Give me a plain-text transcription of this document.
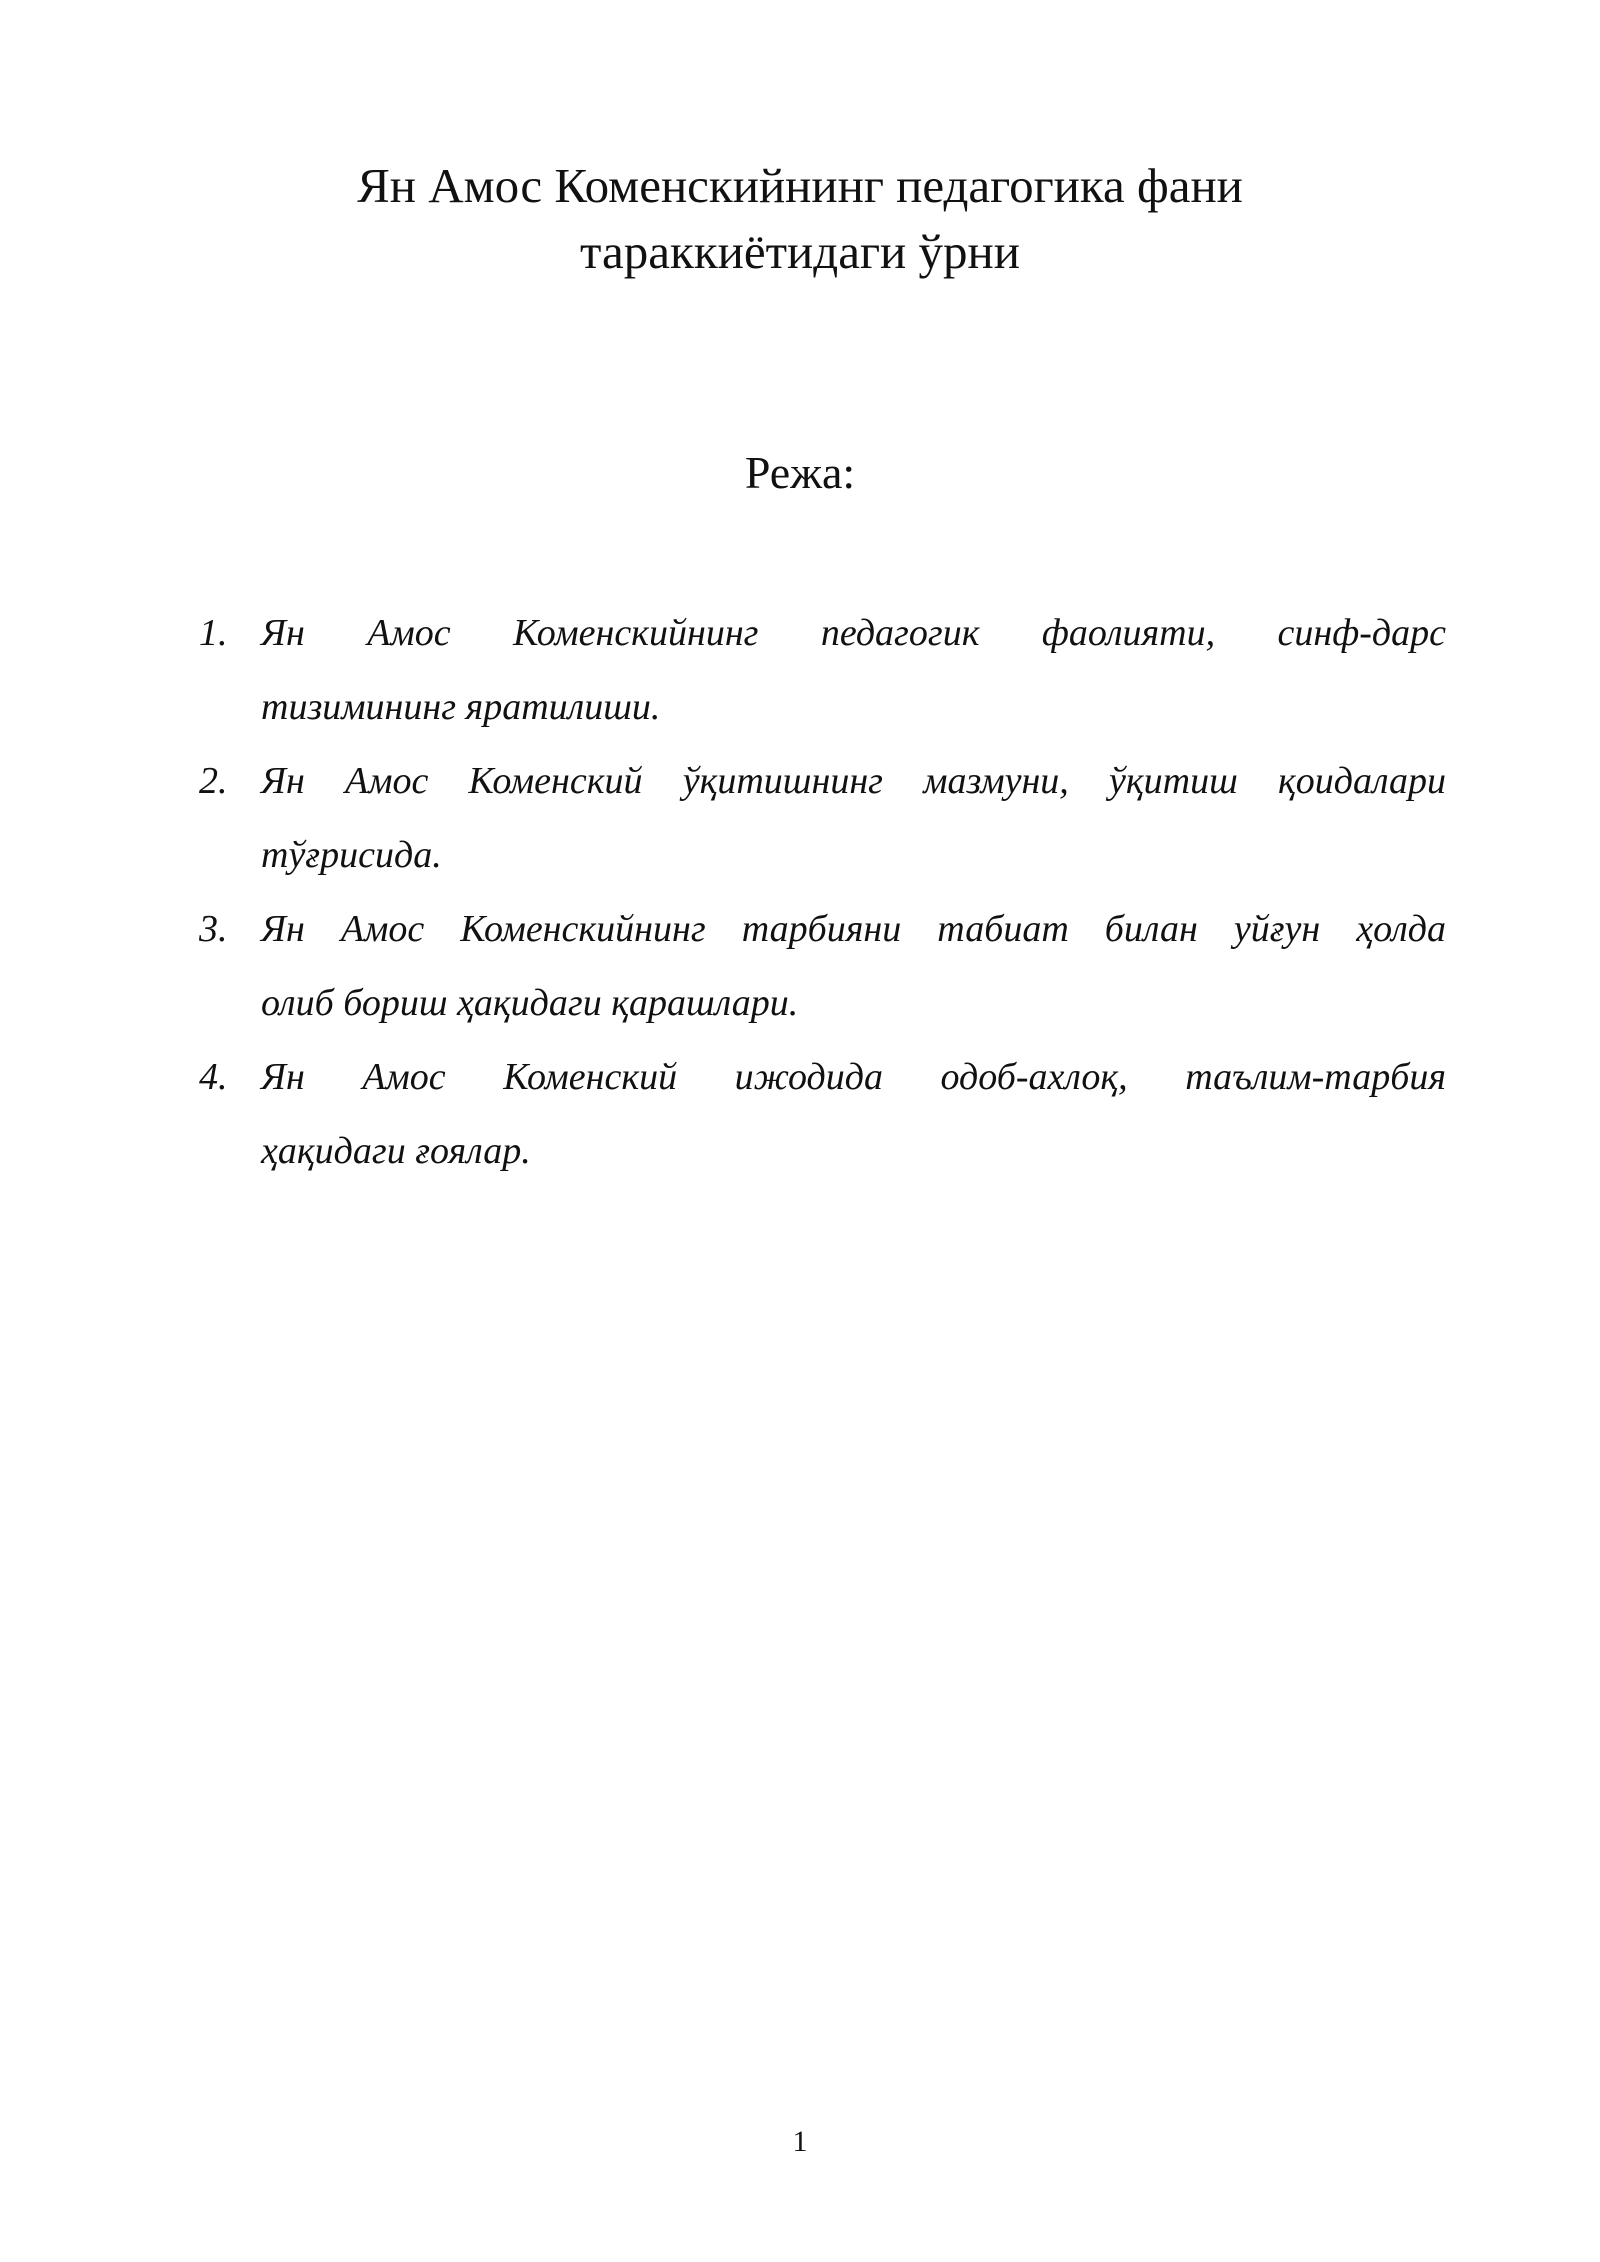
Ян Амос Коменскийнинг педагогика фани
тараккиётидаги ўрни
Режа:
1. Ян Амос Коменскийнинг педагогик фаолияти, синф-дарс
тизимининг яратилиши.
2. Ян Амос Коменский ўқитишнинг мазмуни, ўқитиш қоидалари
тўғрисида.
3. Ян Амос Коменскийнинг тарбияни табиат билан уйғун ҳолда
олиб бориш ҳақидаги қарашлари.
4. Ян Амос Коменский ижодида одоб-ахлоқ, таълим-тарбия
ҳақидаги ғоялар.
1
